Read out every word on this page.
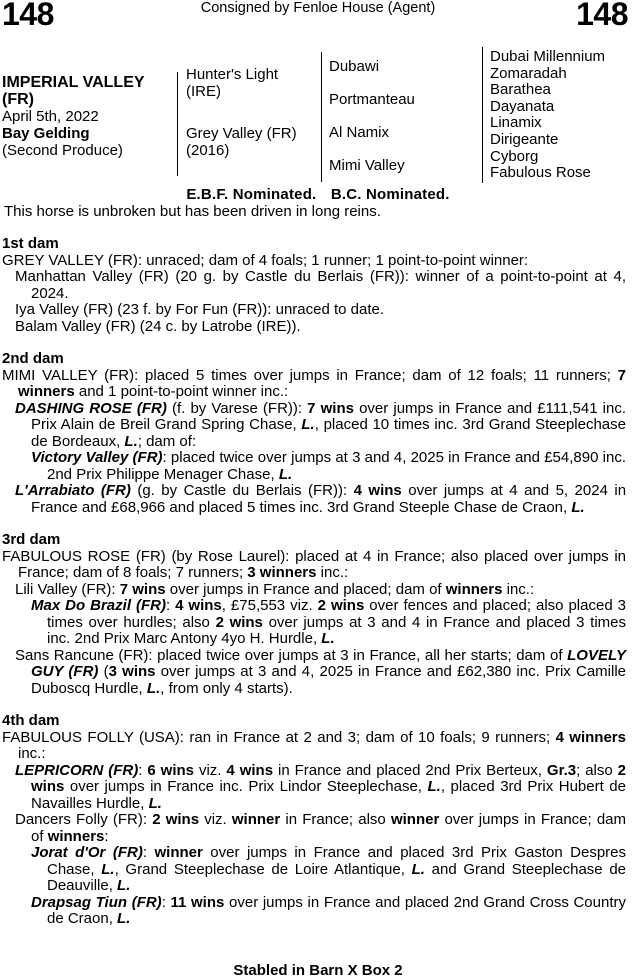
148	Consigned by Fenloe House (Agent)	148
IMPERIAL VALLEY
(FR)
April 5th, 2022
Bay Gelding
(Second Produce)
Hunter's Light
(IRE)
Grey Valley (FR)
(2016)
Dubawi
Portmanteau
Al Namix
Mimi Valley
Dubai Millennium
Zomaradah
Barathea
Dayanata
Linamix
Dirigeante
Cyborg
Fabulous Rose
E.B.F. Nominated. B.C. Nominated.
This horse is unbroken but has been driven in long reins.
1st dam
GREY VALLEY (FR): unraced; dam of 4 foals; 1 runner; 1 point-to-point winner:
Manhattan Valley (FR) (20 g. by Castle du Berlais (FR)): winner of a point-to-point at 4, 2024.
Iya Valley (FR) (23 f. by For Fun (FR)): unraced to date.
Balam Valley (FR) (24 c. by Latrobe (IRE)).
2nd dam
MIMI VALLEY (FR): placed 5 times over jumps in France; dam of 12 foals; 11 runners; 7 winners and 1 point-to-point winner inc.:
DASHING ROSE (FR) (f. by Varese (FR)): 7 wins over jumps in France and £111,541 inc. Prix Alain de Breil Grand Spring Chase, L., placed 10 times inc. 3rd Grand Steeplechase de Bordeaux, L.; dam of:
Victory Valley (FR): placed twice over jumps at 3 and 4, 2025 in France and £54,890 inc. 2nd Prix Philippe Menager Chase, L.
L'Arrabiato (FR) (g. by Castle du Berlais (FR)): 4 wins over jumps at 4 and 5, 2024 in France and £68,966 and placed 5 times inc. 3rd Grand Steeple Chase de Craon, L.
3rd dam
FABULOUS ROSE (FR) (by Rose Laurel): placed at 4 in France; also placed over jumps in France; dam of 8 foals; 7 runners; 3 winners inc.:
Lili Valley (FR): 7 wins over jumps in France and placed; dam of winners inc.:
Max Do Brazil (FR): 4 wins, £75,553 viz. 2 wins over fences and placed; also placed 3 times over hurdles; also 2 wins over jumps at 3 and 4 in France and placed 3 times inc. 2nd Prix Marc Antony 4yo H. Hurdle, L.
Sans Rancune (FR): placed twice over jumps at 3 in France, all her starts; dam of LOVELY GUY (FR) (3 wins over jumps at 3 and 4, 2025 in France and £62,380 inc. Prix Camille Duboscq Hurdle, L., from only 4 starts).
4th dam
FABULOUS FOLLY (USA): ran in France at 2 and 3; dam of 10 foals; 9 runners; 4 winners inc.:
LEPRICORN (FR): 6 wins viz. 4 wins in France and placed 2nd Prix Berteux, Gr.3; also 2 wins over jumps in France inc. Prix Lindor Steeplechase, L., placed 3rd Prix Hubert de Navailles Hurdle, L.
Dancers Folly (FR): 2 wins viz. winner in France; also winner over jumps in France; dam of winners:
Jorat d'Or (FR): winner over jumps in France and placed 3rd Prix Gaston Despres Chase, L., Grand Steeplechase de Loire Atlantique, L. and Grand Steeplechase de Deauville, L.
Drapsag Tiun (FR): 11 wins over jumps in France and placed 2nd Grand Cross Country de Craon, L.
Stabled in Barn X Box 2
